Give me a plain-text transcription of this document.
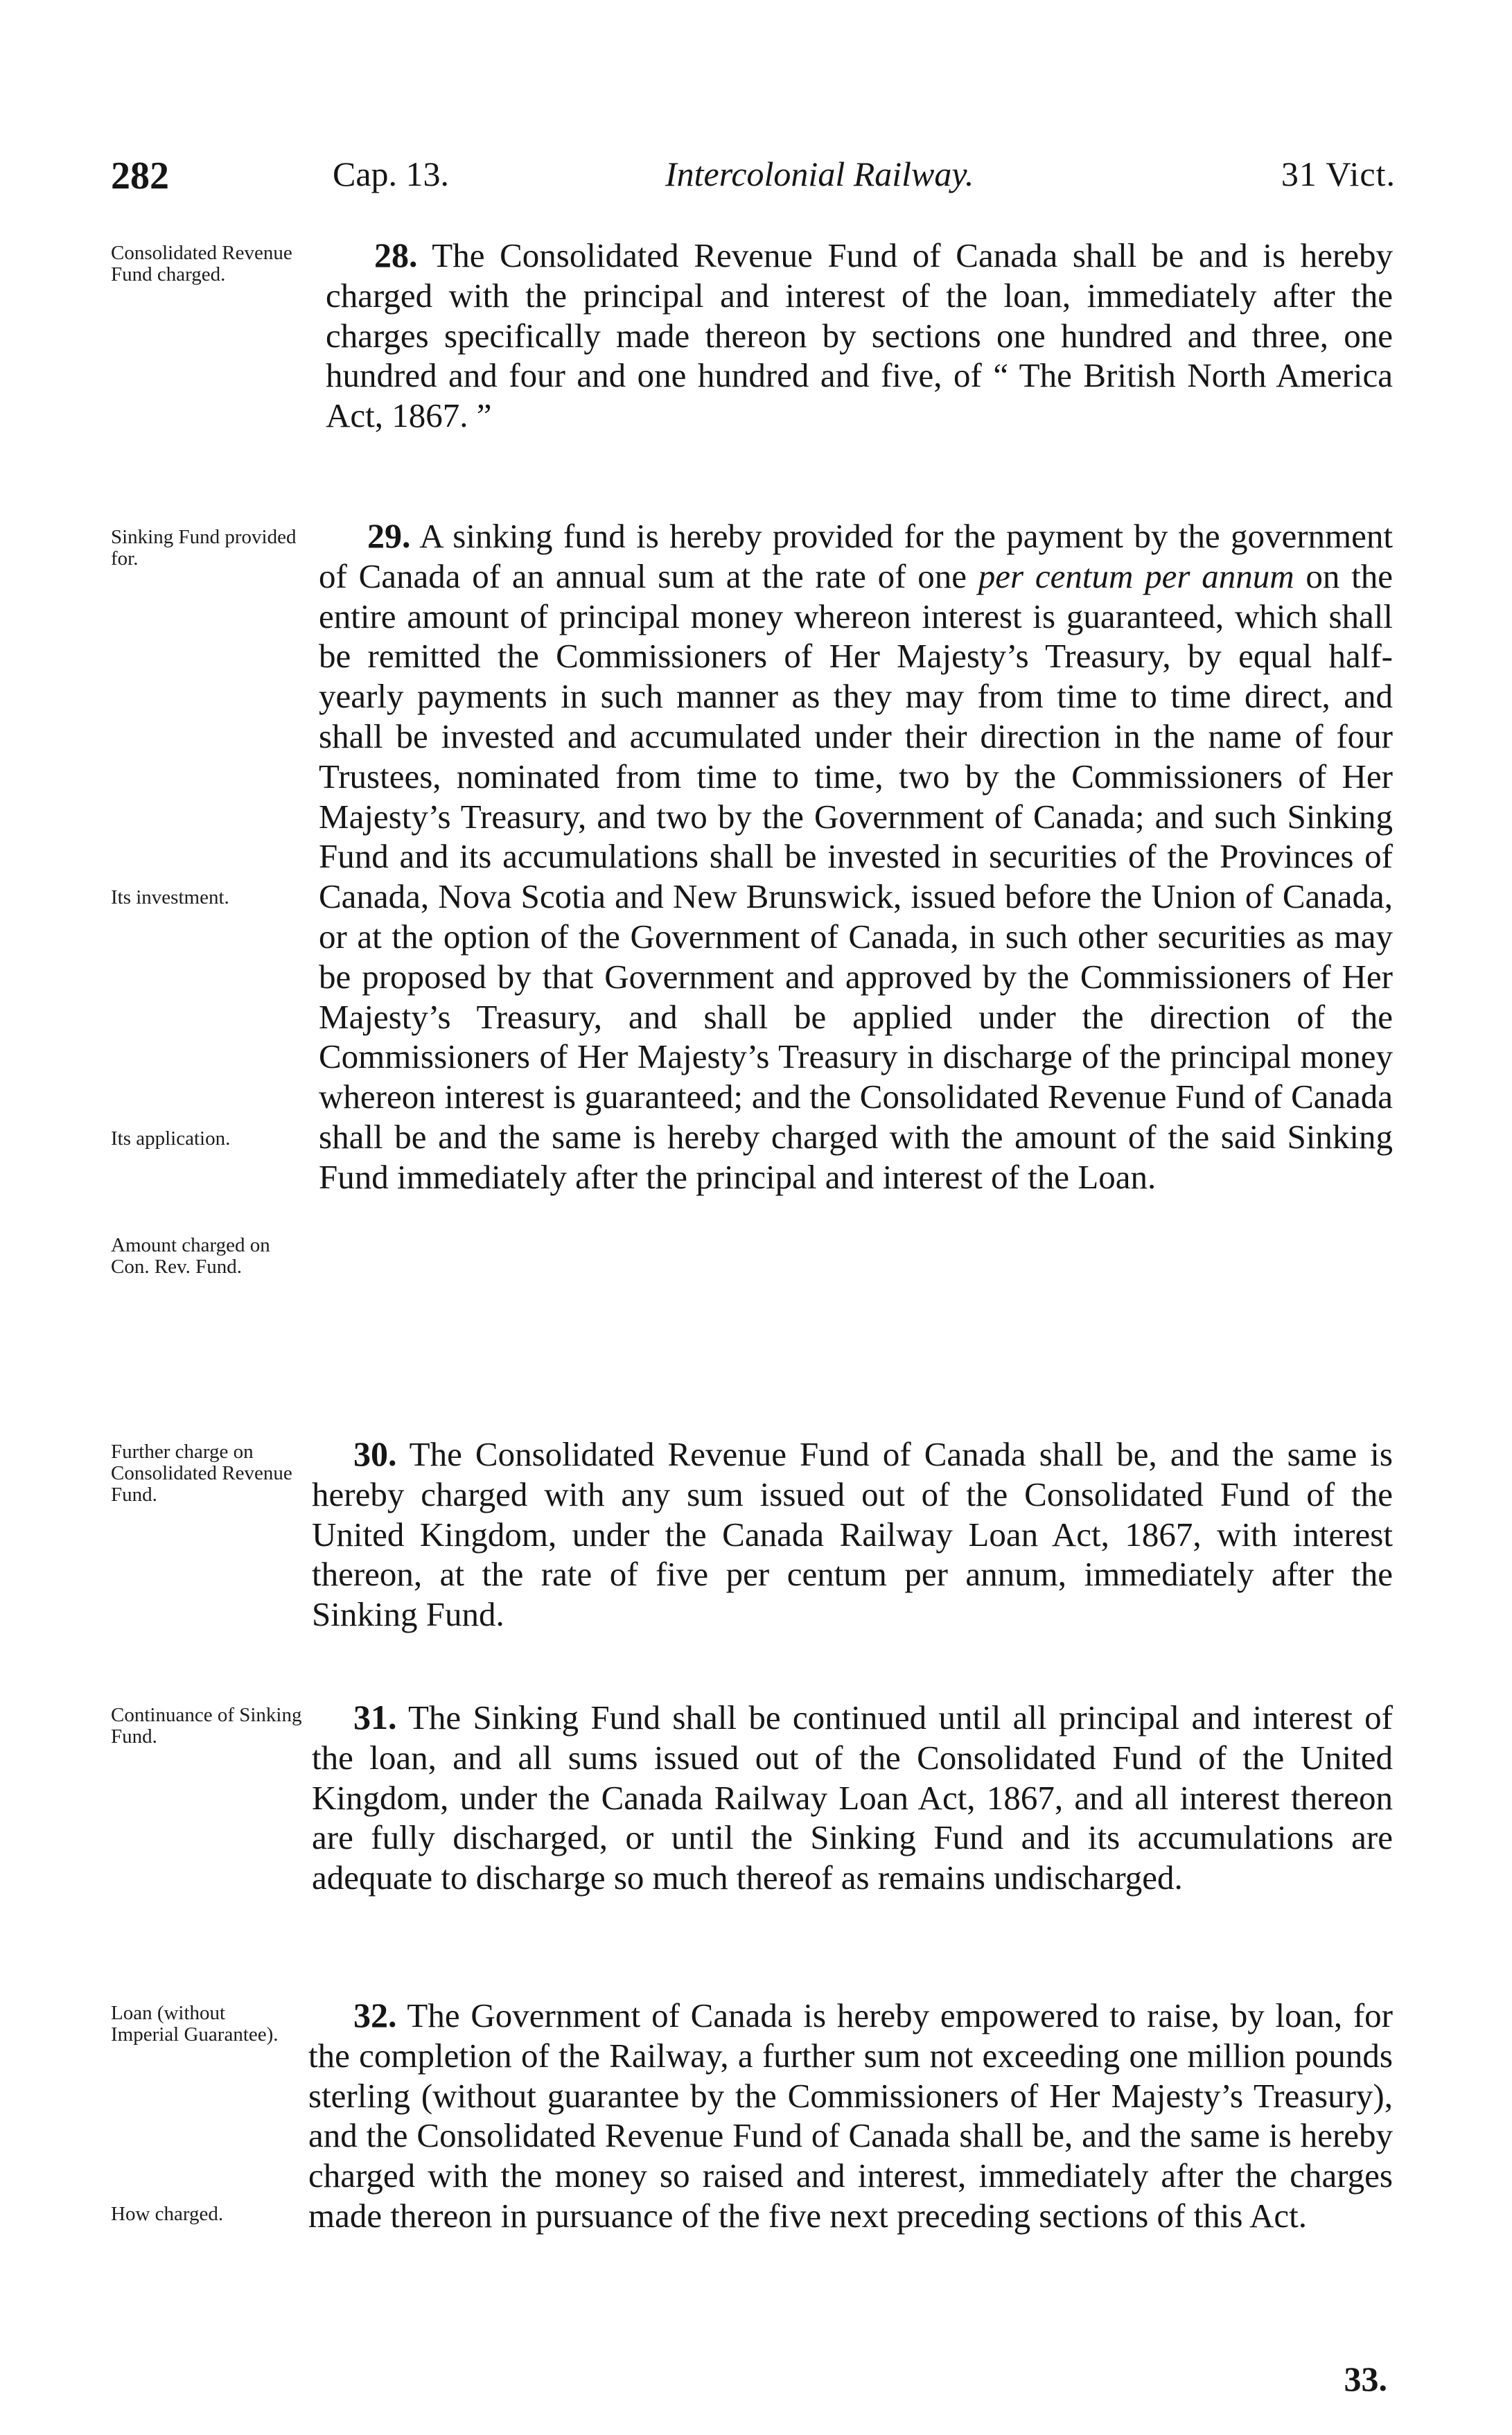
282	Cap. 13.	Intercolonial Railway.	31 Vict.
Consolidated Revenue Fund charged.
Sinking Fund provided for.
Its investment.
Its application.
Amount charged on Con. Rev. Fund.
Further charge on Consolidated Revenue Fund.
Continuance of Sinking Fund.
Loan (without Imperial Guarantee).
How charged.

28. The Consolidated Revenue Fund of Canada shall be and is hereby charged with the principal and interest of the loan, immediately after the charges specifically made thereon by sections one hundred and three, one hundred and four and one hundred and five, of “ The British North America Act, 1867. ”

29. A sinking fund is hereby provided for the payment by the government of Canada of an annual sum at the rate of one per centum per annum on the entire amount of principal money whereon interest is guaranteed, which shall be remitted the Commissioners of Her Majesty’s Treasury, by equal half-yearly payments in such manner as they may from time to time direct, and shall be invested and accumulated under their direction in the name of four Trustees, nominated from time to time, two by the Commissioners of Her Majesty’s Treasury, and two by the Government of Canada; and such Sinking Fund and its accumulations shall be invested in securities of the Provinces of Canada, Nova Scotia and New Brunswick, issued before the Union of Canada, or at the option of the Government of Canada, in such other securities as may be proposed by that Government and approved by the Commissioners of Her Majesty’s Treasury, and shall be applied under the direction of the Commissioners of Her Majesty’s Treasury in discharge of the principal money whereon interest is guaranteed; and the Consolidated Revenue Fund of Canada shall be and the same is hereby charged with the amount of the said Sinking Fund immediately after the principal and interest of the Loan.

30. The Consolidated Revenue Fund of Canada shall be, and the same is hereby charged with any sum issued out of the Consolidated Fund of the United Kingdom, under the Canada Railway Loan Act, 1867, with interest thereon, at the rate of five per centum per annum, immediately after the Sinking Fund.

31. The Sinking Fund shall be continued until all principal and interest of the loan, and all sums issued out of the Consolidated Fund of the United Kingdom, under the Canada Railway Loan Act, 1867, and all interest thereon are fully discharged, or until the Sinking Fund and its accumulations are adequate to discharge so much thereof as remains undischarged.

32. The Government of Canada is hereby empowered to raise, by loan, for the completion of the Railway, a further sum not exceeding one million pounds sterling (without guarantee by the Commissioners of Her Majesty’s Treasury), and the Consolidated Revenue Fund of Canada shall be, and the same is hereby charged with the money so raised and interest, immediately after the charges made thereon in pursuance of the five next preceding sections of this Act.

33.
